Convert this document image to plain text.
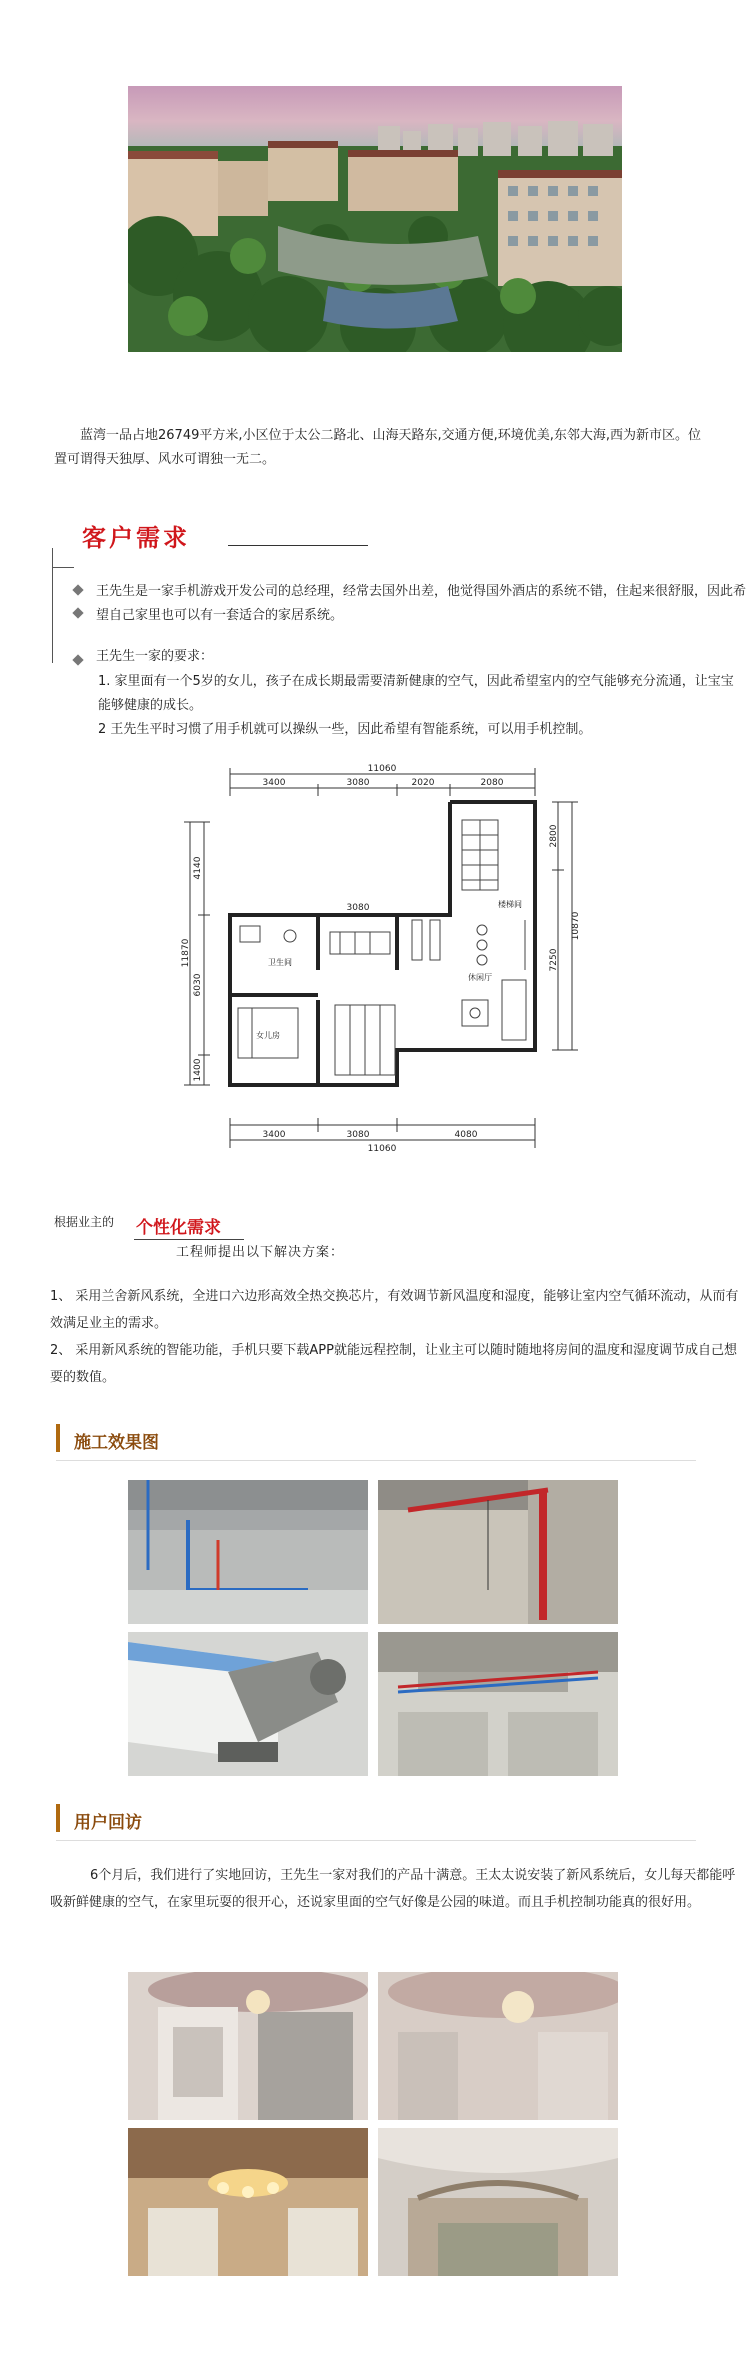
蓝湾一品占地26749平方米,小区位于太公二路北、山海天路东,交通方便,环境优美,东邻大海,西为新市区。位置可谓得天独厚、风水可谓独一无二。

客户需求

王先生是一家手机游戏开发公司的总经理，经常去国外出差，他觉得国外酒店的系统不错，住起来很舒服，因此希望自己家里也可以有一套适合的家居系统。

王先生一家的要求：

1. 家里面有一个5岁的女儿，孩子在成长期最需要清新健康的空气，因此希望室内的空气能够充分流通，让宝宝能够健康的成长。

2 王先生平时习惯了用手机就可以操纵一些，因此希望有智能系统，可以用手机控制。

11060
3400	3080	2020	2080
3400	3080	4080
11060
3080
4140
11870
6030
1400
2800
10870
7250
楼梯间
卫生间
休闲厅
女儿房
根据业主的 个性化需求
工程师提出以下解决方案：

1、 采用兰舍新风系统，全进口六边形高效全热交换芯片，有效调节新风温度和湿度，能够让室内空气循环流动，从而有效满足业主的需求。

2、 采用新风系统的智能功能，手机只要下载APP就能远程控制，让业主可以随时随地将房间的温度和湿度调节成自己想要的数值。

施工效果图
用户回访

6个月后，我们进行了实地回访，王先生一家对我们的产品十满意。王太太说安装了新风系统后，女儿每天都能呼吸新鲜健康的空气，在家里玩耍的很开心，还说家里面的空气好像是公园的味道。而且手机控制功能真的很好用。
